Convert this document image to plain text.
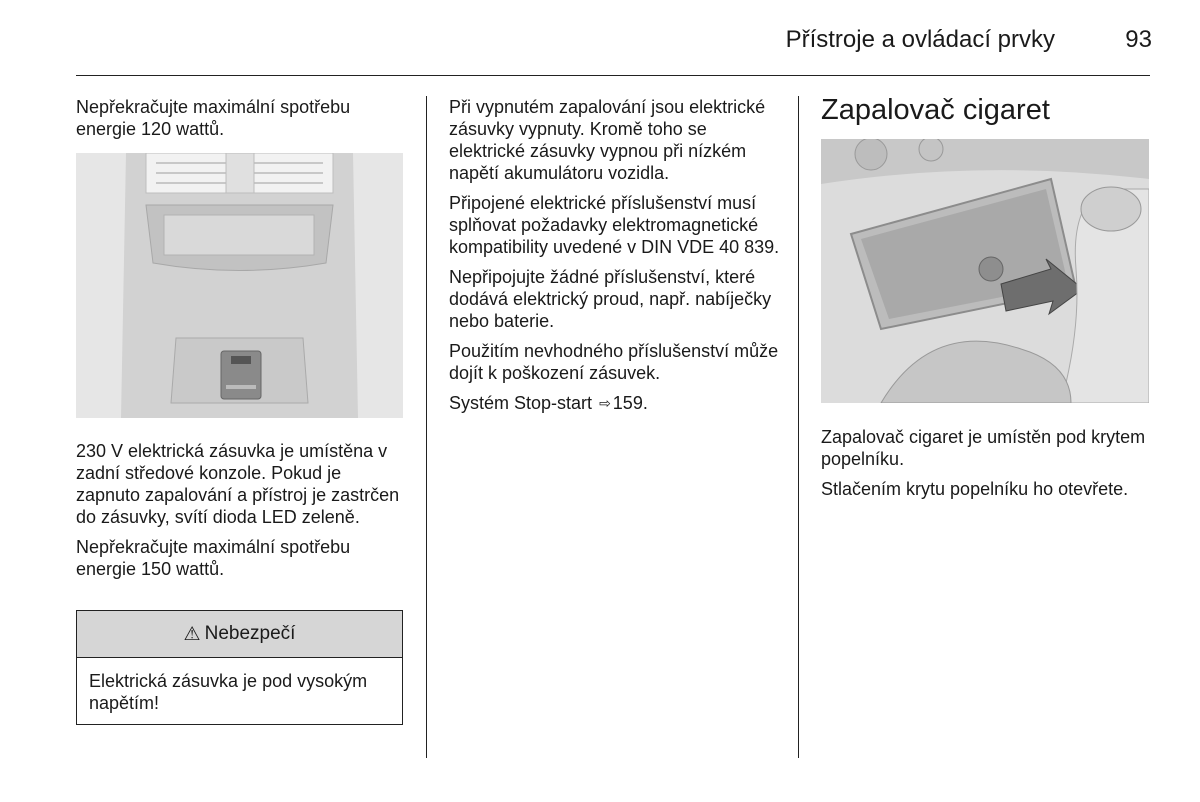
Přístroje a ovládací prvky	93

Nepřekračujte maximální spotřebu energie 120 wattů.

230 V elektrická zásuvka je umístěna v zadní středové konzole. Pokud je zapnuto zapalování a přístroj je zastrčen do zásuvky, svítí dioda LED zeleně.

Nepřekračujte maximální spotřebu energie 150 wattů.

⚠ Nebezpečí
Elektrická zásuvka je pod vysokým napětím!

Při vypnutém zapalování jsou elektrické zásuvky vypnuty. Kromě toho se elektrické zásuvky vypnou při nízkém napětí akumulátoru vozidla.

Připojené elektrické příslušenství musí splňovat požadavky elektromagnetické kompatibility uvedené v DIN VDE 40 839.

Nepřipojujte žádné příslušenství, které dodává elektrický proud, např. nabíječky nebo baterie.

Použitím nevhodného příslušenství může dojít k poškození zásuvek.

Systém Stop-start ⇨ 159.

Zapalovač cigaret

Zapalovač cigaret je umístěn pod krytem popelníku.

Stlačením krytu popelníku ho otevřete.
